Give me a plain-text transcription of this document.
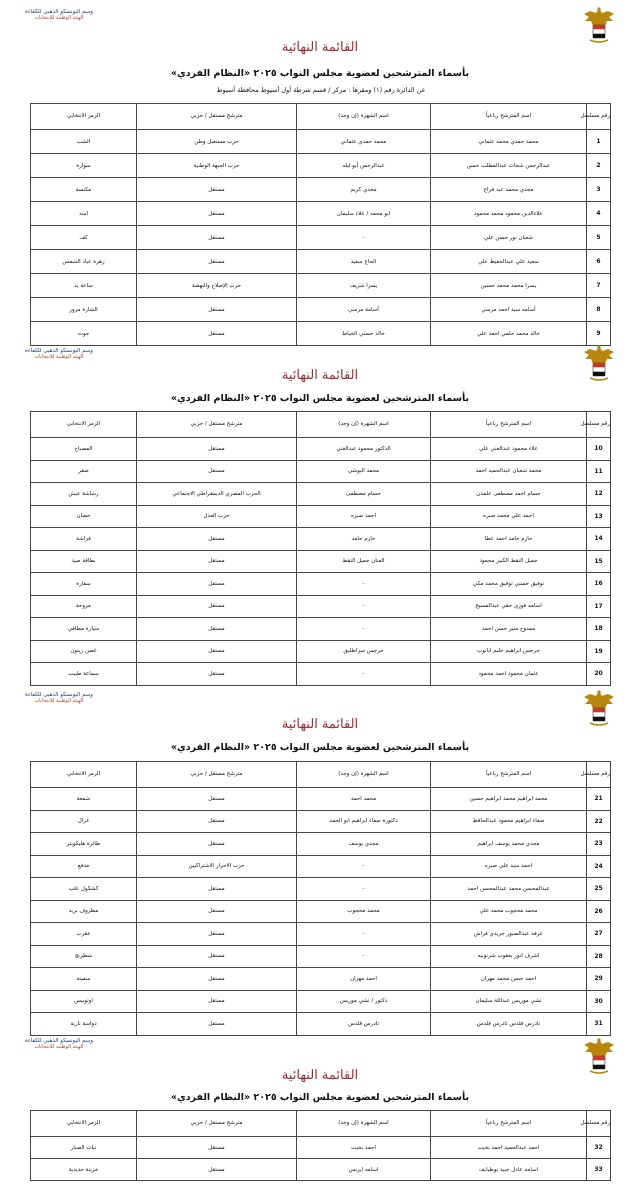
وسم اليونسكو الذهبي للكفاءة
الهيئة الوطنية للانتخابات
القائمة النهائية
بأسماء المترشحين لعضوية مجلس النواب ٢٠٢٥ «النظام الفردي»
عن الدائرة رقم (١) ومقرها : مركز / قسم شرطة أول أسيوط محافظة أسيوط
رقم مسلسل	اسم المترشح رباعياً	اسم الشهرة (إن وجد)	مترشح مستقل / حزبي	الرمز الانتخابي
1	محمد حمدي محمد عثماني	محمد حمدي عثماني	حزب مستقبل وطن	الشب
2	عبدالرحمن شحات عبدالمطلب حسن	عبدالرحمن أبو ليله	حزب الجبهة الوطنية	سوارة
3	مجدي محمد عبد فراج	مجدي كريم	مستقل	مكنسة
4	علاءالدين محمود محمد محمود	ابو محمد / علاء سليمان	مستقل	اسد
5	شعبان نور حسن علي	-	مستقل	كف
6	سعيد علي عبدالحفيظ علي	الحاج سعيد	مستقل	زهرة عباد الشمس
7	يسرا محمد محمد حسين	يسرا شريف	حزب الإصلاح والنهضة	ساعة يد
8	أسامه سيد احمد مرسي	أسامة مرسي	مستقل	الشارة مرور
9	خالد محمد حلمي احمد علي	خالد حسني الخياط	مستقل	حوت
وسم اليونسكو الذهبي للكفاءة
الهيئة الوطنية للانتخابات
القائمة النهائية
بأسماء المترشحين لعضوية مجلس النواب ٢٠٢٥ «النظام الفردي»
رقم مسلسل	اسم المترشح رباعياً	اسم الشهرة (إن وجد)	مترشح مستقل / حزبي	الرمز الانتخابي
10	علاء محمود عبدالغني علي	الدكتور محمود عبدالغني	مستقل	المصباح
11	محمد شعبان عبدالحميد احمد	محمد البوشي	مستقل	صقر
12	حسام احمد مصطفى علمدن	حسام مصطفى	الحزب المصري الديمقراطي الاجتماعي	رشاشة عيش
13	احمد علي محمد صبره	احمد صبره	حزب العدل	حصان
14	حازم حامد احمد عطا	حازم حامد	مستقل	فراشة
15	جميل النقط الكبير محمود	الفنان جميل النقط	مستقل	بطاقة صيد
16	توفيق حسني توفيق محمد مكي	-	مستقل	سفارة
17	اسامه فوزي خفي عبدالمسيح	-	مستقل	مروحة
18	ممدوح منير حسن احمد	-	مستقل	سيارة مطافي
19	جرجس ابراهيم جليم ابانوب	جرجس سراطليق	مستقل	غصن زيتون
20	عثمان محمود احمد محمود	-	مستقل	سماعة طبيب
وسم اليونسكو الذهبي للكفاءة
الهيئة الوطنية للانتخابات
القائمة النهائية
بأسماء المترشحين لعضوية مجلس النواب ٢٠٢٥ «النظام الفردي»
رقم مسلسل	اسم المترشح رباعياً	اسم الشهرة (إن وجد)	مترشح مستقل / حزبي	الرمز الانتخابي
21	محمد ابراهيم محمد ابراهيم حسين	محمد احمد	مستقل	شمعة
22	صفاء ابراهيم محمود عبدالحافظ	دكتورة صفاء ابراهيم ابو الحمد	مستقل	غزال
23	مجدي محمد يوسف ابراهيم	مجدي يوسف	مستقل	طائرة هليكوبتر
24	احمد سيد علي صبره	-	حزب الاحرار الاشتراكيين	مدفع
25	عبدالمحسن محمد عبدالمحسن احمد	-	مستقل	كشكول علب
26	محمد محجوب محمد علي	محمد محجوب	مستقل	مظروف بريد
27	عرفه عبدالصبور جريدي فراش	-	مستقل	عقرب
28	اشرف انور يعقوب شرنوبيه	-	مستقل	شطرنج
29	احمد حسن محمد مهران	احمد مهران	مستقل	سفينة
30	نشي موريس عبداللة سليمان	دكتور / نشي موريس	مستقل	اوتوبيس
31	تادرس قلدس تادرس قلدس	تادرس قلدس	مستقل	دواسة نارية
وسم اليونسكو الذهبي للكفاءة
الهيئة الوطنية للانتخابات
القائمة النهائية
بأسماء المترشحين لعضوية مجلس النواب ٢٠٢٥ «النظام الفردي»
رقم مسلسل	اسم المترشح رباعياً	اسم الشهرة (إن وجد)	مترشح مستقل / حزبي	الرمز الانتخابي
32	احمد عبدالحميد احمد بخيت	احمد بخيت	مستقل	نبات الصبار
33	اسامه عادل جبيد يوطيايف	اسامه ايرنس	مستقل	خزينة حديدية
